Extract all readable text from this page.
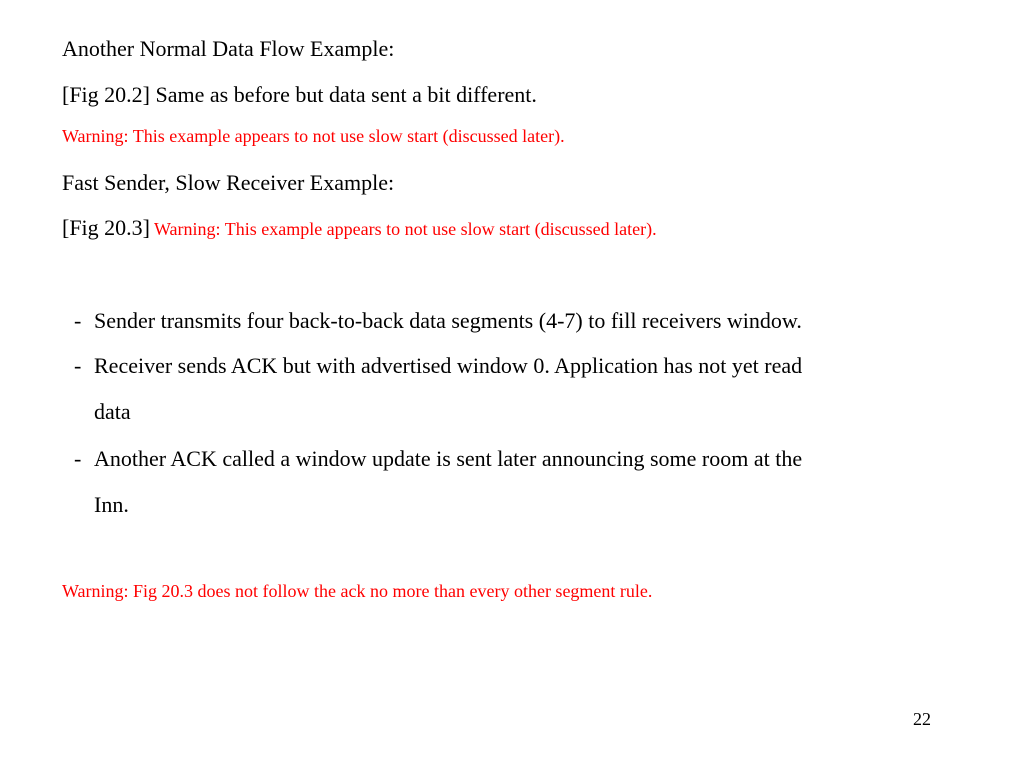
Another Normal Data Flow Example:
[Fig 20.2] Same as before but data sent a bit different.
Warning: This example appears to not use slow start (discussed later).
Fast Sender, Slow Receiver Example:
[Fig 20.3] Warning: This example appears to not use slow start (discussed later).
- Sender transmits four back-to-back data segments (4-7) to fill receivers window.
- Receiver sends ACK but with advertised window 0. Application has not yet read
data
- Another ACK called a window update is sent later announcing some room at the
Inn.
Warning: Fig 20.3 does not follow the ack no more than every other segment rule.
22
